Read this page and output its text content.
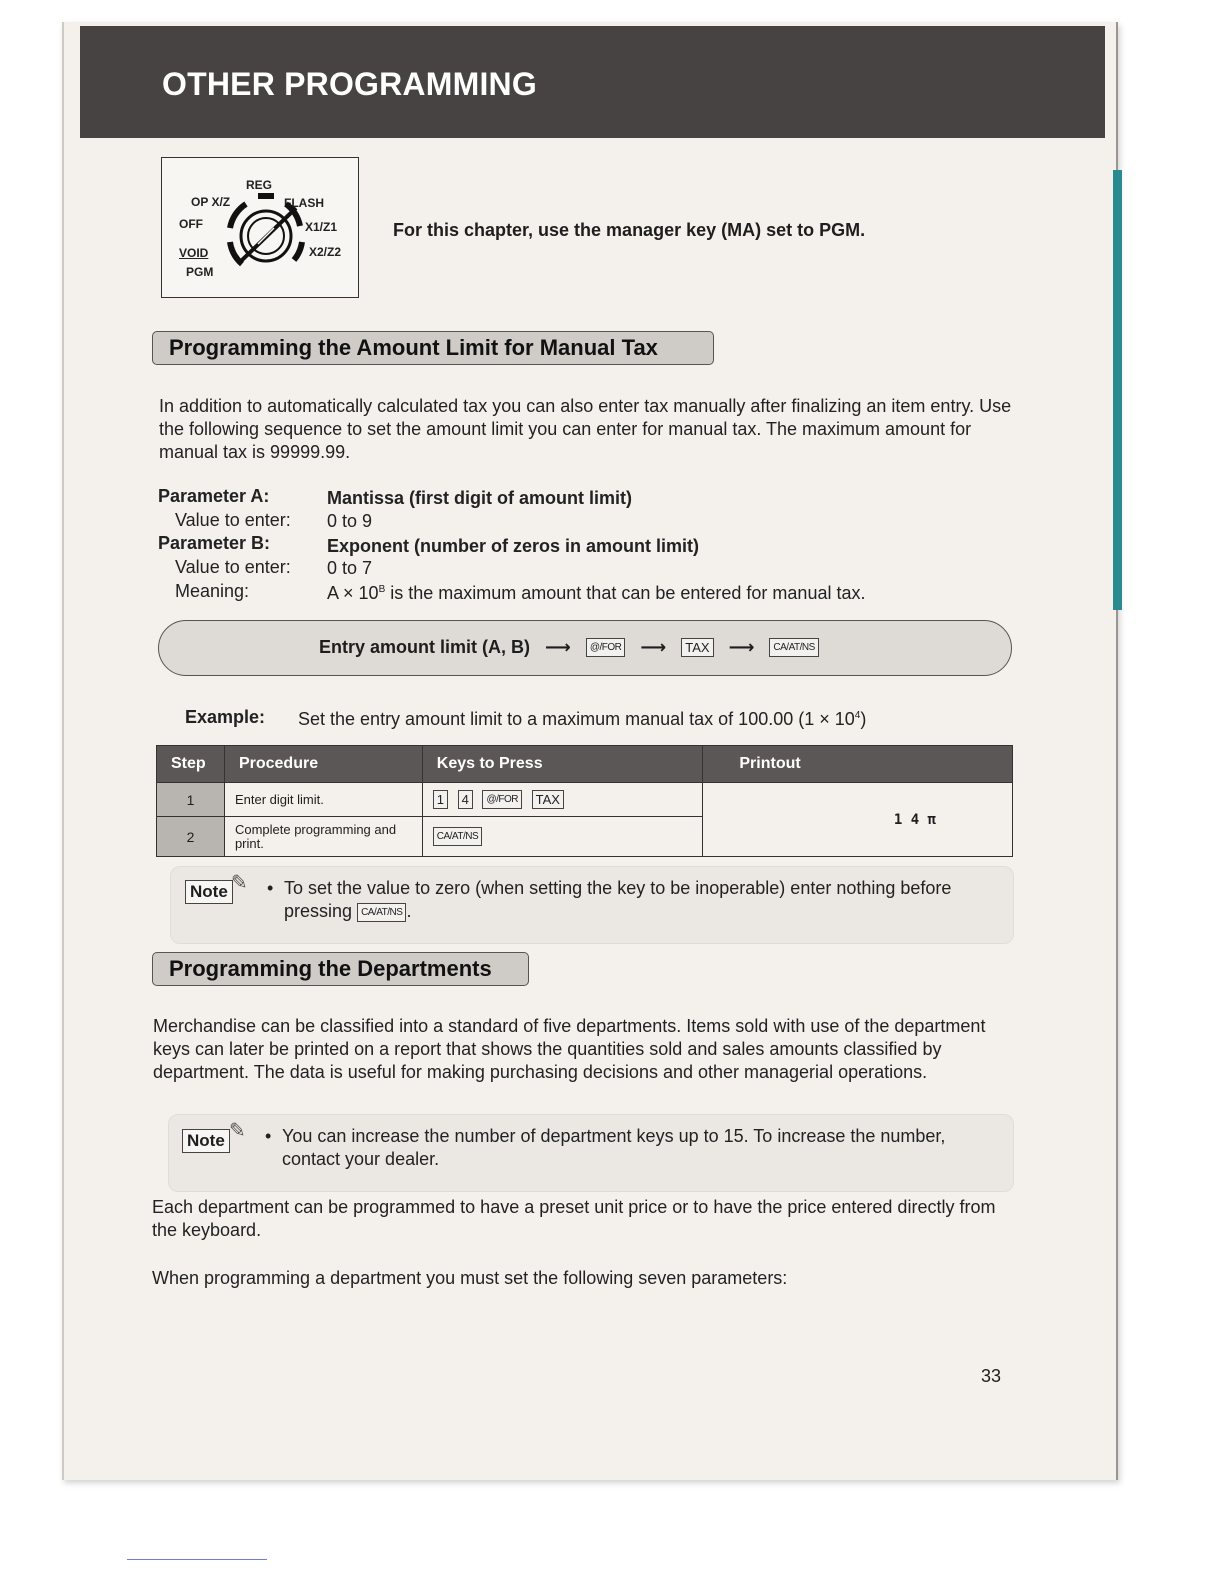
OTHER PROGRAMMING
REG
OP X/Z	FLASH
OFF	X1/Z1
VOID	X2/Z2
PGM
For this chapter, use the manager key (MA) set to PGM.
Programming the Amount Limit for Manual Tax
In addition to automatically calculated tax you can also enter tax manually after finalizing an item entry. Use the following sequence to set the amount limit you can enter for manual tax. The maximum amount for manual tax is 99999.99.
Parameter A:	Mantissa (first digit of amount limit)
Value to enter: 0 to 9
Parameter B:	Exponent (number of zeros in amount limit)
Value to enter: 0 to 7
Meaning:	$A \times 10^B$ is the maximum amount that can be entered for manual tax.
Entry amount limit (A, B) ⟶ @/FOR ⟶ TAX ⟶ CA/AT/NS
Example: Set the entry amount limit to a maximum manual tax of 100.00 $(1 \times 10^4)$
Step	Procedure	Keys to Press	Printout
1	Enter digit limit.	1 4 @/FOR TAX	1 4 π
2	Complete programming and print.	CA/AT/NS	
Note ✎ • To set the value to zero (when setting the key to be inoperable) enter nothing before pressing CA/AT/NS .
Programming the Departments
Merchandise can be classified into a standard of five departments. Items sold with use of the department keys can later be printed on a report that shows the quantities sold and sales amounts classified by department. The data is useful for making purchasing decisions and other managerial operations.
Note ✎ • You can increase the number of department keys up to 15. To increase the number, contact your dealer.
Each department can be programmed to have a preset unit price or to have the price entered directly from the keyboard.
When programming a department you must set the following seven parameters:
33
